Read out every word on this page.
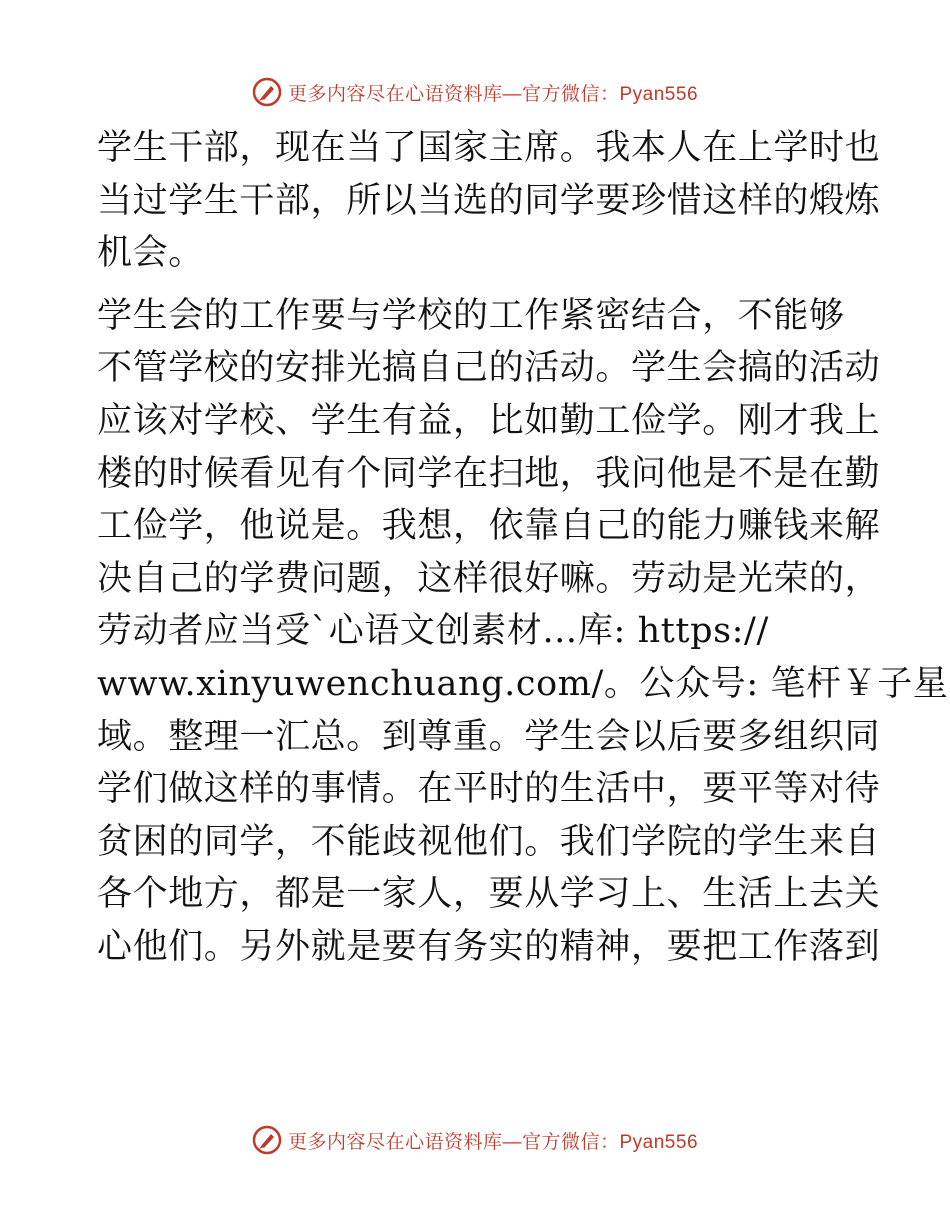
更多内容尽在心语资料库—官方微信：Pyan556
学生干部，现在当了国家主席。我本人在上学时也
当过学生干部，所以当选的同学要珍惜这样的煅炼
机会。
学生会的工作要与学校的工作紧密结合，不能够
不管学校的安排光搞自己的活动。学生会搞的活动
应该对学校、学生有益，比如勤工俭学。刚才我上
楼的时候看见有个同学在扫地，我问他是不是在勤
工俭学，他说是。我想，依靠自己的能力赚钱来解
决自己的学费问题，这样很好嘛。劳动是光荣的，
劳动者应当受`心语文创素材…库: https://
www.xinyuwenchuang.com/。公众号: 笔杆￥子星
域。整理一汇总。到尊重。学生会以后要多组织同
学们做这样的事情。在平时的生活中，要平等对待
贫困的同学，不能歧视他们。我们学院的学生来自
各个地方，都是一家人，要从学习上、生活上去关
心他们。另外就是要有务实的精神，要把工作落到
更多内容尽在心语资料库—官方微信：Pyan556
